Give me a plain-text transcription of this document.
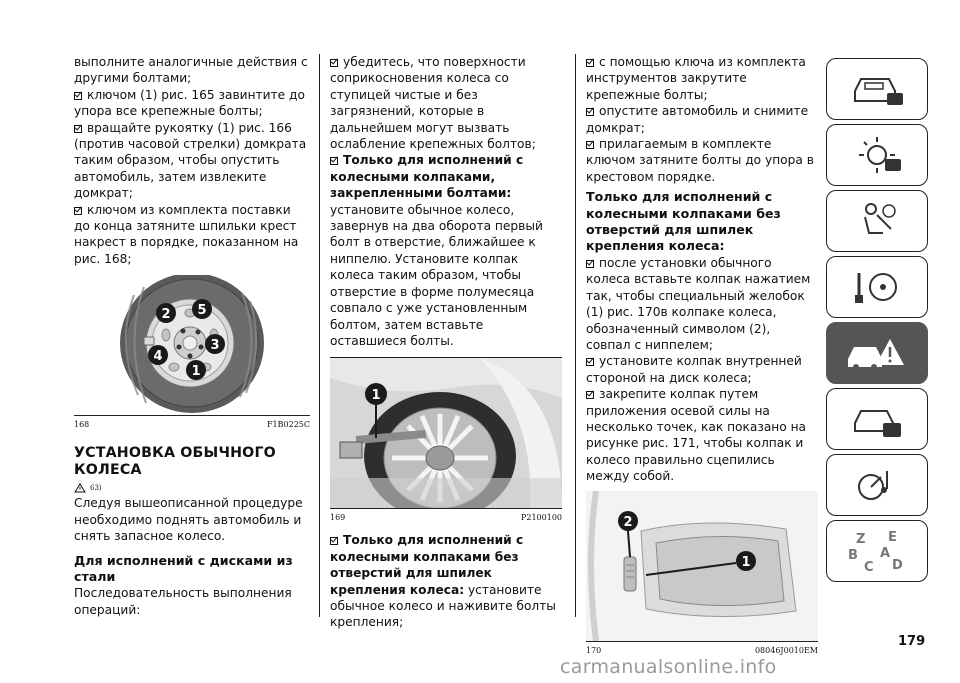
выполните аналогичные действия с другими болтами;

ключом (1) рис. 165 завинтите до упора все крепежные болты;

вращайте рукоятку (1) рис. 166 (против часовой стрелки) домкрата таким образом, чтобы опустить автомобиль, затем извлеките домкрат;

ключом из комплекта поставки до конца затяните шпильки крест накрест в порядке, показанном на рис. 168;

2 5
4
3
1
168	F1B0225C
УСТАНОВКА ОБЫЧНОГО КОЛЕСА
63)

Следуя вышеописанной процедуре необходимо поднять автомобиль и снять запасное колесо.

Для исполнений с дисками из стали

Последовательность выполнения операций:

убедитесь, что поверхности соприкосновения колеса со ступицей чистые и без загрязнений, которые в дальнейшем могут вызвать ослабление крепежных болтов;

Только для исполнений с колесными колпаками, закрепленными болтами:
установите обычное колесо, завернув на два оборота первый болт в отверстие, ближайшее к ниппелю. Установите колпак колеса таким образом, чтобы отверстие в форме полумесяца совпало с уже установленным болтом, затем вставьте оставшиеся болты.

1
169	P2100100

Только для исполнений с колесными колпаками без отверстий для шпилек крепления колеса: установите обычное колесо и наживите болты крепления;

с помощью ключа из комплекта инструментов закрутите крепежные болты;

опустите автомобиль и снимите домкрат;

прилагаемым в комплекте ключом затяните болты до упора в крестовом порядке.

Только для исполнений с колесными колпаками без отверстий для шпилек крепления колеса:

после установки обычного колеса вставьте колпак нажатием так, чтобы специальный желобок (1) рис. 170в колпаке колеса, обозначенный символом (2), совпал с ниппелем;

установите колпак внутренней стороной на диск колеса;

закрепите колпак путем приложения осевой силы на несколько точек, как показано на рисунке рис. 171, чтобы колпак и колесо правильно сцепились между собой.

2
1
170	08046J0010EM
Z E
B A
C D
179
carmanualsonline.info
